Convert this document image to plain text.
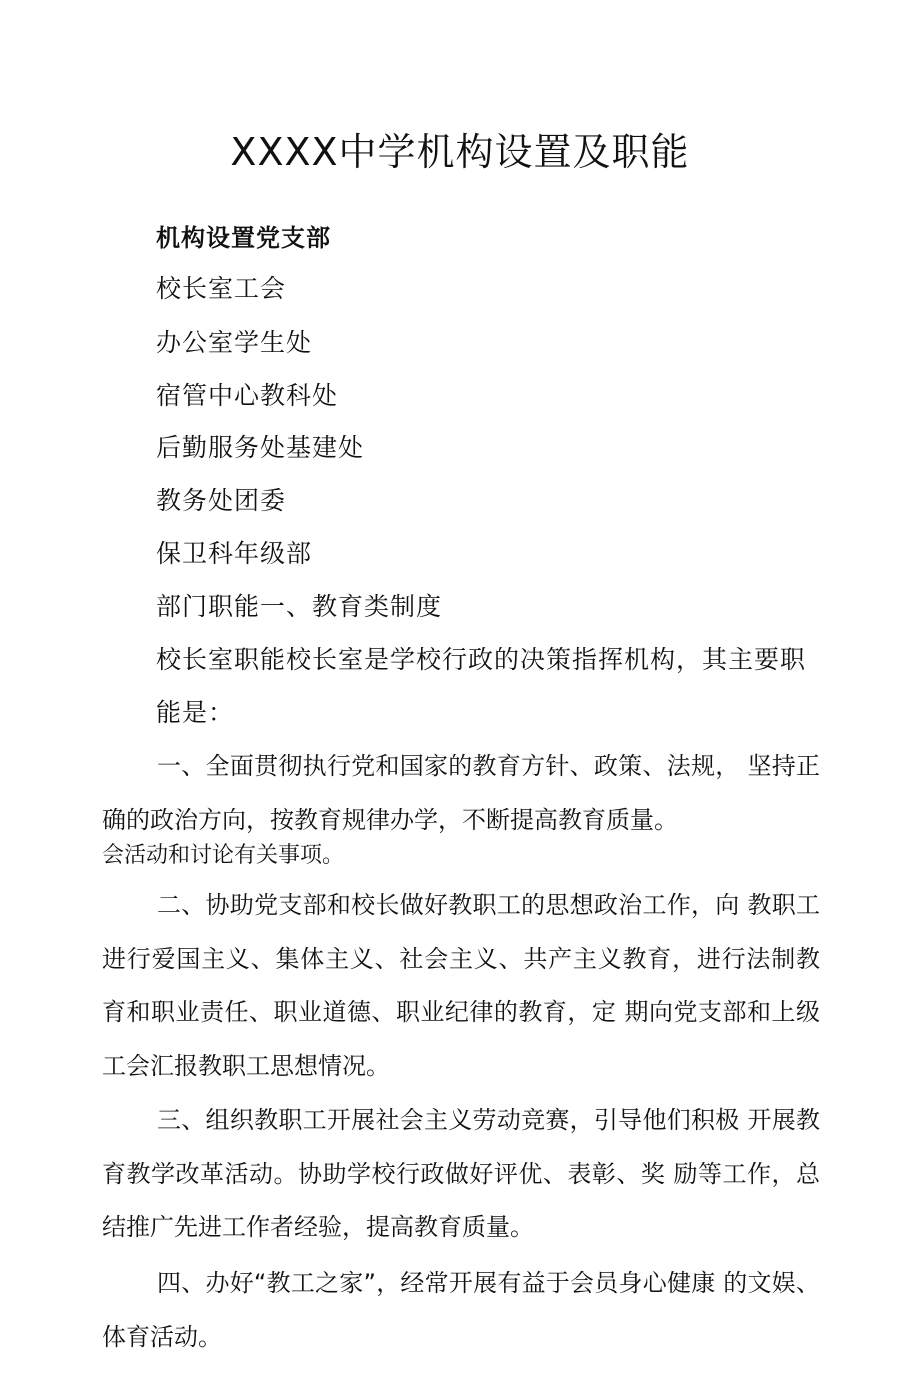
XXXX中学机构设置及职能
机构设置党支部
校长室工会
办公室学生处
宿管中心教科处
后勤服务处基建处
教务处团委
保卫科年级部
部门职能一、教育类制度
校长室职能校长室是学校行政的决策指挥机构，其主要职
能是：
一、全面贯彻执行党和国家的教育方针、政策、法规， 坚持正确的政治方向，按教育规律办学，不断提高教育质量。
会活动和讨论有关事项。
二、协助党支部和校长做好教职工的思想政治工作，向 教职工进行爱国主义、集体主义、社会主义、共产主义教育，进行法制教育和职业责任、职业道德、职业纪律的教育，定 期向党支部和上级工会汇报教职工思想情况。
三、组织教职工开展社会主义劳动竞赛，引导他们积极 开展教育教学改革活动。协助学校行政做好评优、表彰、奖 励等工作，总结推广先进工作者经验，提高教育质量。
四、办好“教工之家”，经常开展有益于会员身心健康 的文娱、体育活动。
